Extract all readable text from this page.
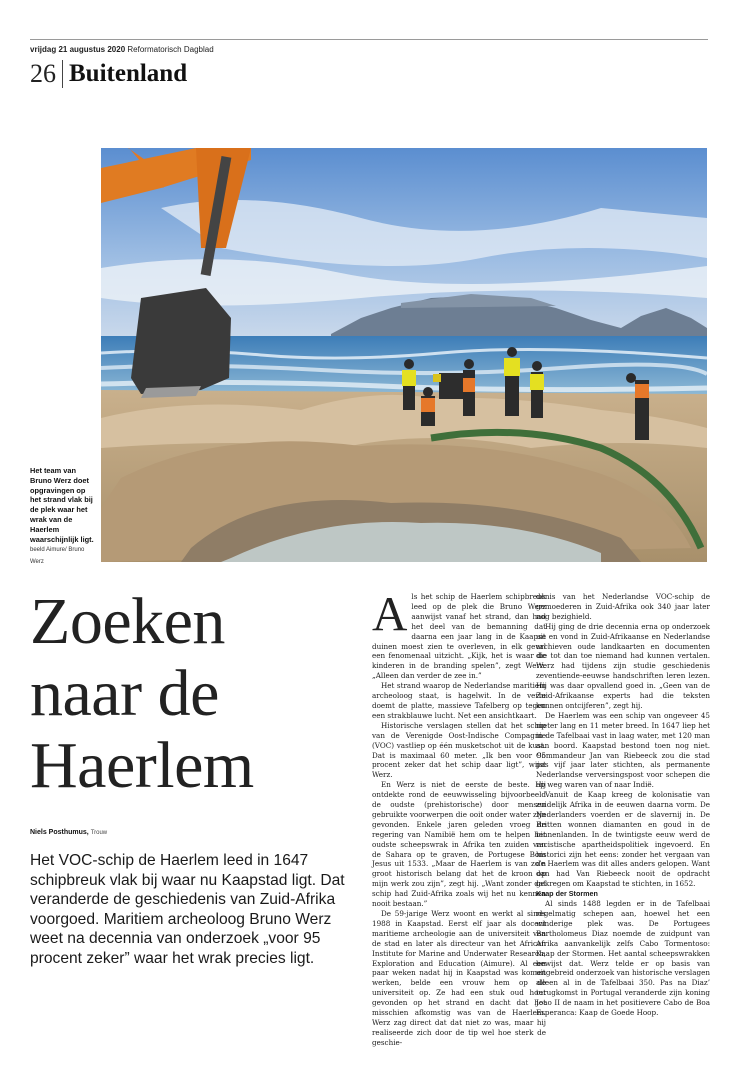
vrijdag 21 augustus 2020 Reformatorisch Dagblad
26 Buitenland
Het team van Bruno Werz doet opgravingen op het strand vlak bij de plek waar het wrak van de Haerlem waarschijnlijk ligt. beeld Aimure/ Bruno Werz
Zoeken
naar de
Haerlem
Niels Posthumus, Trouw
Het VOC-schip de Haerlem leed in 1647 schipbreuk vlak bij waar nu Kaapstad ligt. Dat veranderde de geschiedenis van Zuid-Afrika voorgoed. Maritiem archeoloog Bruno Werz weet na decennia van onderzoek „voor 95 procent zeker” waar het wrak precies ligt.
A ls het schip de Haerlem schipbreuk leed op de plek die Bruno Werz aanwijst vanaf het strand, dan had het deel van de bemanning dat daarna een jaar lang in de Kaapse duinen moest zien te overleven, in elk geval een fenomenaal uitzicht. „Kijk, het is waar de kinderen in de branding spelen”, zegt Werz. „Alleen dan verder de zee in.”

Het strand waarop de Nederlandse maritiem archeoloog staat, is hagelwit. In de verte doemt de platte, massieve Tafelberg op tegen een strakblauwe lucht. Net een ansichtkaart.

Historische verslagen stellen dat het schip van de Verenigde Oost-Indische Compagnie (VOC) vastliep op één musketschot uit de kust. Dat is maximaal 60 meter. „Ik ben voor 95 procent zeker dat het schip daar ligt”, wijst Werz.

En Werz is niet de eerste de beste. Hij ontdekte rond de eeuwwisseling bijvoorbeeld de oudste (prehistorische) door mensen gebruikte voorwerpen die ooit onder water zijn gevonden. Enkele jaren geleden vroeg de regering van Namibië hem om te helpen het oudste scheepswrak in Afrika ten zuiden van de Sahara op te graven, de Portugese Bom Jesus uit 1533. „Maar de Haerlem is van zo’n groot historisch belang dat het de kroon op mijn werk zou zijn”, zegt hij. „Want zonder dat schip had Zuid-Afrika zoals wij het nu kennen nooit bestaan.”

De 59-jarige Werz woont en werkt al sinds 1988 in Kaapstad. Eerst elf jaar als docent maritieme archeologie aan de universiteit van de stad en later als directeur van het African Institute for Marine and Underwater Research, Exploration and Education (Aimure). Al een paar weken nadat hij in Kaapstad was komen werken, belde een vrouw hem op de universiteit op. Ze had een stuk oud hout gevonden op het strand en dacht dat het misschien afkomstig was van de Haerlem. Werz zag direct dat dat niet zo was, maar hij realiseerde zich door de tip wel hoe sterk de geschie-

denis van het Nederlandse VOC-schip de gemoederen in Zuid-Afrika ook 340 jaar later nog bezighield.

Hij ging de drie decennia erna op onderzoek uit en vond in Zuid-Afrikaanse en Nederlandse archieven oude landkaarten en documenten die tot dan toe niemand had kunnen vertalen. Werz had tijdens zijn studie geschiedenis zeventiende-eeuwse handschriften leren lezen. Hij was daar opvallend goed in. „Geen van de Zuid-Afrikaanse experts had die teksten kunnen ontcijferen”, zegt hij.

De Haerlem was een schip van ongeveer 45 meter lang en 11 meter breed. In 1647 liep het in de Tafelbaai vast in laag water, met 120 man aan boord. Kaapstad bestond toen nog niet. Commandeur Jan van Riebeeck zou die stad pas vijf jaar later stichten, als permanente Nederlandse verversingspost voor schepen die op weg waren van of naar Indië.

Vanuit de Kaap kreeg de kolonisatie van zuidelijk Afrika in de eeuwen daarna vorm. De Nederlanders voerden er de slavernij in. De Britten wonnen diamanten en goud in de binnenlanden. In de twintigste eeuw werd de racistische apartheidspolitiek ingevoerd. En historici zijn het eens: zonder het vergaan van de Haerlem was dit alles anders gelopen. Want dan had Van Riebeeck nooit de opdracht gekregen om Kaapstad te stichten, in 1652.

Kaap der Stormen

Al sinds 1488 legden er in de Tafelbaai regelmatig schepen aan, hoewel het een winderige plek was. De Portugees Bartholomeus Diaz noemde de zuidpunt van Afrika aanvankelijk zelfs Cabo Tormentoso: Kaap der Stormen. Het aantal scheepswrakken bewijst dat. Werz telde er op basis van uitgebreid onderzoek van historische verslagen alleen al in de Tafelbaai 350. Pas na Diaz’ terugkomst in Portugal veranderde zijn koning Joao II de naam in het positievere Cabo de Boa Esperanca: Kaap de Goede Hoop.
